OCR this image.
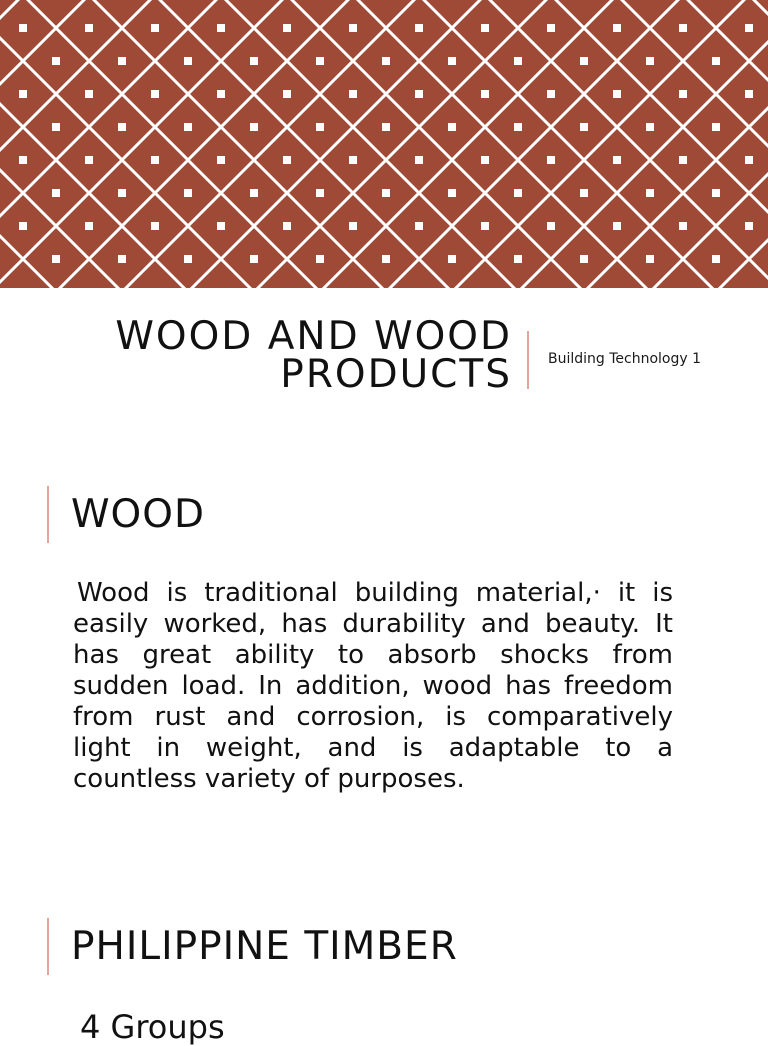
WOOD AND WOOD
PRODUCTS	Building Technology 1
WOOD
Wood is traditional building material,· it is easily worked, has durability and beauty. It has great ability to absorb shocks from sudden load. In addition, wood has freedom from rust and corrosion, is comparatively light in weight, and is adaptable to a countless variety of purposes.
PHILIPPINE TIMBER
4 Groups
